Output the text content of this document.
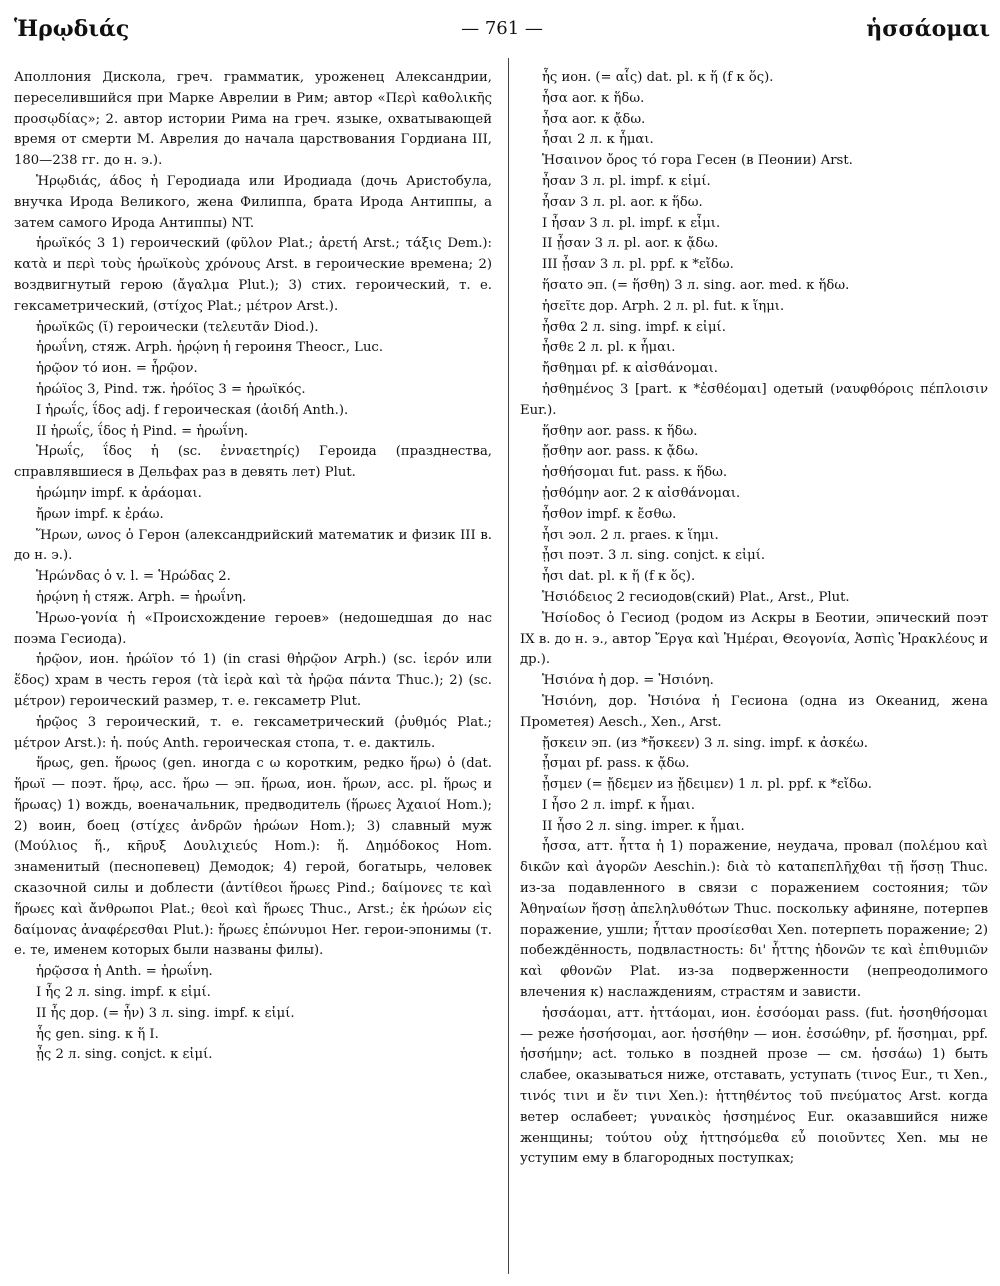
Ἡρῳδιάς	— 761 —	ἡσσάομαι

Аполлония Дискола, греч. грамматик, уроженец Александрии, переселившийся при Марке Аврелии в Рим; автор «Περὶ καθολικῆς προσῳδίας»; 2. автор истории Рима на греч. языке, охватывающей время от смерти М. Аврелия до начала царствования Гордиана III, 180—238 гг. до н. э.).

Ἡρῳδιάς, άδος ἡ Геродиада или Иродиада (дочь Аристобула, внучка Ирода Великого, жена Филиппа, брата Ирода Антиппы, а затем самого Ирода Антиппы) NT.

ἡρωϊκός 3 1) героический (φῦλον Plat.; ἀρετή Arst.; τάξις Dem.): κατὰ и περὶ τοὺς ἡρωϊκοὺς χρόνους Arst. в героические времена; 2) воздвигнутый герою (ἄγαλμα Plut.); 3) стих. героический, т. е. гексаметрический, (στίχος Plat.; μέτρον Arst.).

ἡρωϊκῶς (ῐ) героически (τελευτᾶν Diod.).

ἡρωΐνη, стяж. Arph. ἡρῴνη ἡ героиня Theocr., Luc.

ἡρῷον τό ион. = ἧρῷον.

ἡρώϊος 3, Pind. тж. ἡρόϊος 3 = ἡρωϊκός.

I ἡρωΐς, ΐδος adj. f героическая (ἀοιδή Anth.).

II ἡρωΐς, ΐδος ἡ Pind. = ἡρωΐνη.

Ἡρωΐς, ΐδος ἡ (sc. ἐνναετηρίς) Героида (празднества, справлявшиеся в Дельфах раз в девять лет) Plut.

ἡρώμην impf. к ἀράομαι.

ἤρων impf. к ἐράω.

Ἥρων, ωνος ὁ Герон (александрийский математик и физик III в. до н. э.).

Ἡρώνδας ὁ v. l. = Ἡρώδας 2.

ἡρῴνη ἡ стяж. Arph. = ἡρωΐνη.

Ἡρωο-γονία ἡ «Происхождение героев» (недошедшая до нас поэма Гесиода).

ἡρῷον, ион. ἡρώϊον τό 1) (in crasi θἠρῷον Arph.) (sc. ἱερόν или ἕδος) храм в честь героя (τὰ ἱερὰ καὶ τὰ ἡρῷα πάντα Thuc.); 2) (sc. μέτρον) героический размер, т. е. гексаметр Plut.

ἡρῷος 3 героический, т. е. гексаметрический (ῥυθμός Plat.; μέτρον Arst.): ἡ. πούς Anth. героическая стопа, т. е. дактиль.

ἥρως, gen. ἥρωος (gen. иногда с ω коротким, редко ἥρω) ὁ (dat. ἥρωϊ — поэт. ἥρῳ, acc. ἥρω — эп. ἥρωα, ион. ἥρων, acc. pl. ἥρως и ἥρωας) 1) вождь, военачальник, предводитель (ἥρωες Ἀχαιοί Hom.); 2) воин, боец (στίχες ἀνδρῶν ἡρώων Hom.); 3) славный муж (Μούλιος ἥ., κῆρυξ Δουλιχιεύς Hom.): ἥ. Δημόδοκος Hom. знаменитый (песнопевец) Демодок; 4) герой, богатырь, человек сказочной силы и доблести (ἀντίθεοι ἥρωες Pind.; δαίμονες τε καὶ ἥρωες καὶ ἄνθρωποι Plat.; θεοὶ καὶ ἥρωες Thuc., Arst.; ἐκ ἡρώων εἰς δαίμονας ἀναφέρεσθαι Plut.): ἥρωες ἐπώνυμοι Her. герои-эпонимы (т. е. те, именем которых были названы филы).

ἡρῷσσα ἡ Anth. = ἡρωΐνη.

I ἦς 2 л. sing. impf. к εἰμί.

II ἦς дор. (= ἦν) 3 л. sing. impf. к εἰμί.

ἧς gen. sing. к ἥ I.

ᾖς 2 л. sing. conjct. к εἰμί.

ἧς ион. (= αἷς) dat. pl. к ἥ (f к ὅς).

ἧσα aor. к ἥδω.

ἦσα aor. к ᾄδω.

ἧσαι 2 л. к ἧμαι.

Ἡσαινον ὄρος τό гора Гесен (в Пеонии) Arst.

ἦσαν 3 л. pl. impf. к εἰμί.

ἦσαν 3 л. pl. aor. к ἥδω.

I ἦσαν 3 л. pl. impf. к εἶμι.

II ᾖσαν 3 л. pl. aor. к ᾄδω.

III ᾖσαν 3 л. pl. ppf. к *εἴδω.

ἥσατο эп. (= ἥσθη) 3 л. sing. aor. med. к ἥδω.

ἡσεῖτε дор. Arph. 2 л. pl. fut. к ἵημι.

ἦσθα 2 л. sing. impf. к εἰμί.

ἦσθε 2 л. pl. к ἧμαι.

ἤσθημαι pf. к αἰσθάνομαι.

ἠσθημένος 3 [part. к *ἐσθέομαι] одетый (ναυφθόροις πέπλοισιν Eur.).

ἥσθην aor. pass. к ἥδω.

ᾔσθην aor. pass. к ᾄδω.

ἡσθήσομαι fut. pass. к ἥδω.

ᾐσθόμην aor. 2 к αἰσθάνομαι.

ἦσθον impf. к ἔσθω.

ἧσι эол. 2 л. praes. к ἵημι.

ᾖσι поэт. 3 л. sing. conjct. к εἰμί.

ἧσι dat. pl. к ἥ (f к ὅς).

Ἡσιόδειος 2 гесиодов(ский) Plat., Arst., Plut.

Ἡσίοδος ὁ Гесиод (родом из Аскры в Беотии, эпический поэт IX в. до н. э., автор Ἔργα καὶ Ἡμέραι, Θεογονία, Ἀσπὶς Ἡρακλέους и др.).

Ἡσιόνα ἡ дор. = Ἡσιόνη.

Ἡσιόνη, дор. Ἡσιόνα ἡ Гесиона (одна из Океанид, жена Прометея) Aesch., Xen., Arst.

ᾔσκειν эп. (из *ἤσκεεν) 3 л. sing. impf. к ἀσκέω.

ᾖσμαι pf. pass. к ᾄδω.

ᾖσμεν (= ᾔδεμεν из ᾔδειμεν) 1 л. pl. ppf. к *εἴδω.

I ἧσο 2 л. impf. к ἧμαι.

II ἧσο 2 л. sing. imper. к ἧμαι.

ἧσσα, атт. ἧττα ἡ 1) поражение, неудача, провал (πολέμου καὶ δικῶν καὶ ἀγορῶν Aeschin.): διὰ τὸ καταπεπλῆχθαι τῇ ἥσσῃ Thuc. из-за подавленного в связи с поражением состояния; τῶν Ἀθηναίων ἥσσῃ ἀπεληλυθότων Thuc. поскольку афиняне, потерпев поражение, ушли; ἧτταν προσίεσθαι Xen. потерпеть поражение; 2) побеждённость, подвластность: δι' ἧττης ἡδονῶν τε καὶ ἐπιθυμιῶν καὶ φθονῶν Plat. из-за подверженности (непреодолимого влечения к) наслаждениям, страстям и зависти.

ἡσσάομαι, атт. ἡττάομαι, ион. ἑσσόομαι pass. (fut. ἡσσηθήσομαι — реже ἡσσήσομαι, aor. ἡσσήθην — ион. ἑσσώθην, pf. ἥσσημαι, ppf. ἡσσήμην; act. только в поздней прозе — см. ἡσσάω) 1) быть слабее, оказываться ниже, отставать, уступать (τινος Eur., τι Xen., τινός τινι и ἔν τινι Xen.): ἡττηθέντος τοῦ πνεύματος Arst. когда ветер ослабеет; γυναικὸς ἡσσημένος Eur. оказавшийся ниже женщины; τούτου οὐχ ἡττησόμεθα εὖ ποιοῦντες Xen. мы не уступим ему в благородных поступках;
